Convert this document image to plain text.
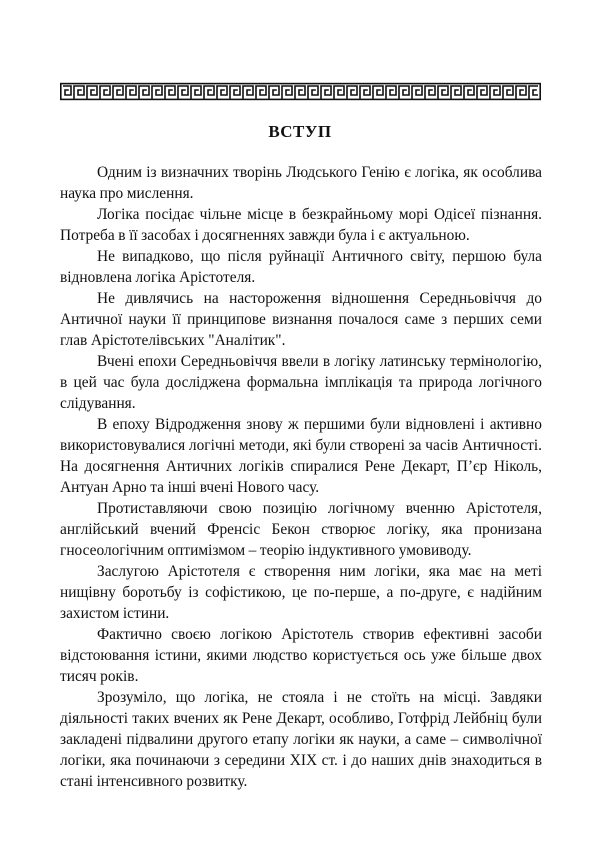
ВСТУП

Одним із визначних творінь Людського Генію є логіка, як особлива наука про мислення.

Логіка посідає чільне місце в безкрайньому морі Одісеї пізнання. Потреба в її засобах і досягненнях завжди була і є актуальною.

Не випадково, що після руйнації Античного світу, першою була відновлена логіка Арістотеля.

Не дивлячись на настороження відношення Середньовіччя до Античної науки її принципове визнання почалося саме з перших семи глав Арістотелівських "Аналітик".

Вчені епохи Середньовіччя ввели в логіку латинську термінологію, в цей час була досліджена формальна імплікація та природа логічного слідування.

В епоху Відродження знову ж першими були відновлені і активно використовувалися логічні методи, які були створені за часів Античності. На досягнення Античних логіків спиралися Рене Декарт, П’єр Ніколь, Антуан Арно та інші вчені Нового часу.

Протиставляючи свою позицію логічному вченню Арістотеля, англійський вчений Френсіс Бекон створює логіку, яка пронизана гносеологічним оптимізмом – теорію індуктивного умовиводу.

Заслугою Арістотеля є створення ним логіки, яка має на меті нищівну боротьбу із софістикою, це по-перше, а по-друге, є надійним захистом істини.

Фактично своєю логікою Арістотель створив ефективні засоби відстоювання істини, якими людство користується ось уже більше двох тисяч років.

Зрозуміло, що логіка, не стояла і не стоїть на місці. Завдяки діяльності таких вчених як Рене Декарт, особливо, Готфрід Лейбніц були закладені підвалини другого етапу логіки як науки, а саме – символічної логіки, яка починаючи з середини XIX ст. і до наших днів знаходиться в стані інтенсивного розвитку.
